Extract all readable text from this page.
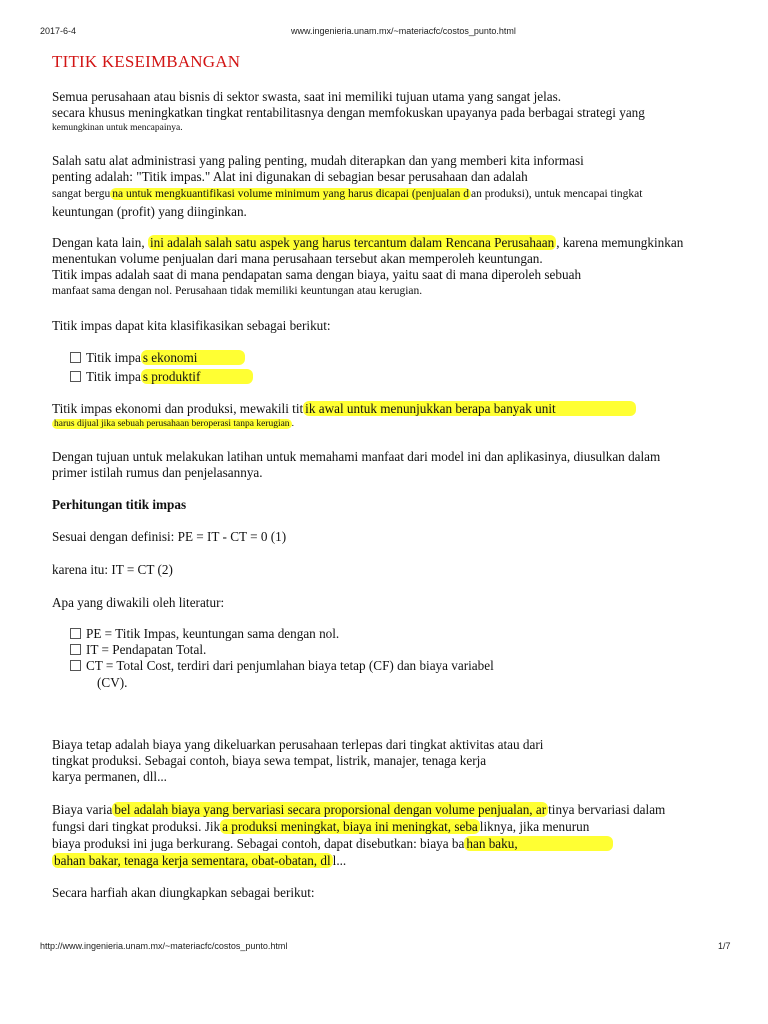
2017-6-4	www.ingenieria.unam.mx/~materiacfc/costos_punto.html
TITIK KESEIMBANGAN
Semua perusahaan atau bisnis di sektor swasta, saat ini memiliki tujuan utama yang sangat jelas.
secara khusus meningkatkan tingkat rentabilitasnya dengan memfokuskan upayanya pada berbagai strategi yang
kemungkinan untuk mencapainya.
Salah satu alat administrasi yang paling penting, mudah diterapkan dan yang memberi kita informasi
penting adalah: "Titik impas." Alat ini digunakan di sebagian besar perusahaan dan adalah
sangat bergu na untuk mengkuantifikasi volume minimum yang harus dicapai (penjualan d an produksi), untuk mencapai tingkat
keuntungan (profit) yang diinginkan.
Dengan kata lain, ini adalah salah satu aspek yang harus tercantum dalam Rencana Perusahaan , karena memungkinkan
menentukan volume penjualan dari mana perusahaan tersebut akan memperoleh keuntungan.
Titik impas adalah saat di mana pendapatan sama dengan biaya, yaitu saat di mana diperoleh sebuah
manfaat sama dengan nol. Perusahaan tidak memiliki keuntungan atau kerugian.
Titik impas dapat kita klasifikasikan sebagai berikut:
Titik impa s ekonomi
Titik impa s produktif
Titik impas ekonomi dan produksi, mewakili tit ik awal untuk menunjukkan berapa banyak unit
harus dijual jika sebuah perusahaan beroperasi tanpa kerugian .
Dengan tujuan untuk melakukan latihan untuk memahami manfaat dari model ini dan aplikasinya, diusulkan dalam
primer istilah rumus dan penjelasannya.
Perhitungan titik impas
Sesuai dengan definisi: PE = IT - CT = 0 (1)
karena itu: IT = CT (2)
Apa yang diwakili oleh literatur:
PE = Titik Impas, keuntungan sama dengan nol.
IT = Pendapatan Total.
CT = Total Cost, terdiri dari penjumlahan biaya tetap (CF) dan biaya variabel
(CV).
Biaya tetap adalah biaya yang dikeluarkan perusahaan terlepas dari tingkat aktivitas atau dari
tingkat produksi. Sebagai contoh, biaya sewa tempat, listrik, manajer, tenaga kerja
karya permanen, dll...
Biaya varia bel adalah biaya yang bervariasi secara proporsional dengan volume penjualan, ar tinya bervariasi dalam
fungsi dari tingkat produksi. Jik a produksi meningkat, biaya ini meningkat, seba liknya, jika menurun
biaya produksi ini juga berkurang. Sebagai contoh, dapat disebutkan: biaya ba han baku,
bahan bakar, tenaga kerja sementara, obat-obatan, dl l...
Secara harfiah akan diungkapkan sebagai berikut:
http://www.ingenieria.unam.mx/~materiacfc/costos_punto.html	1/7
